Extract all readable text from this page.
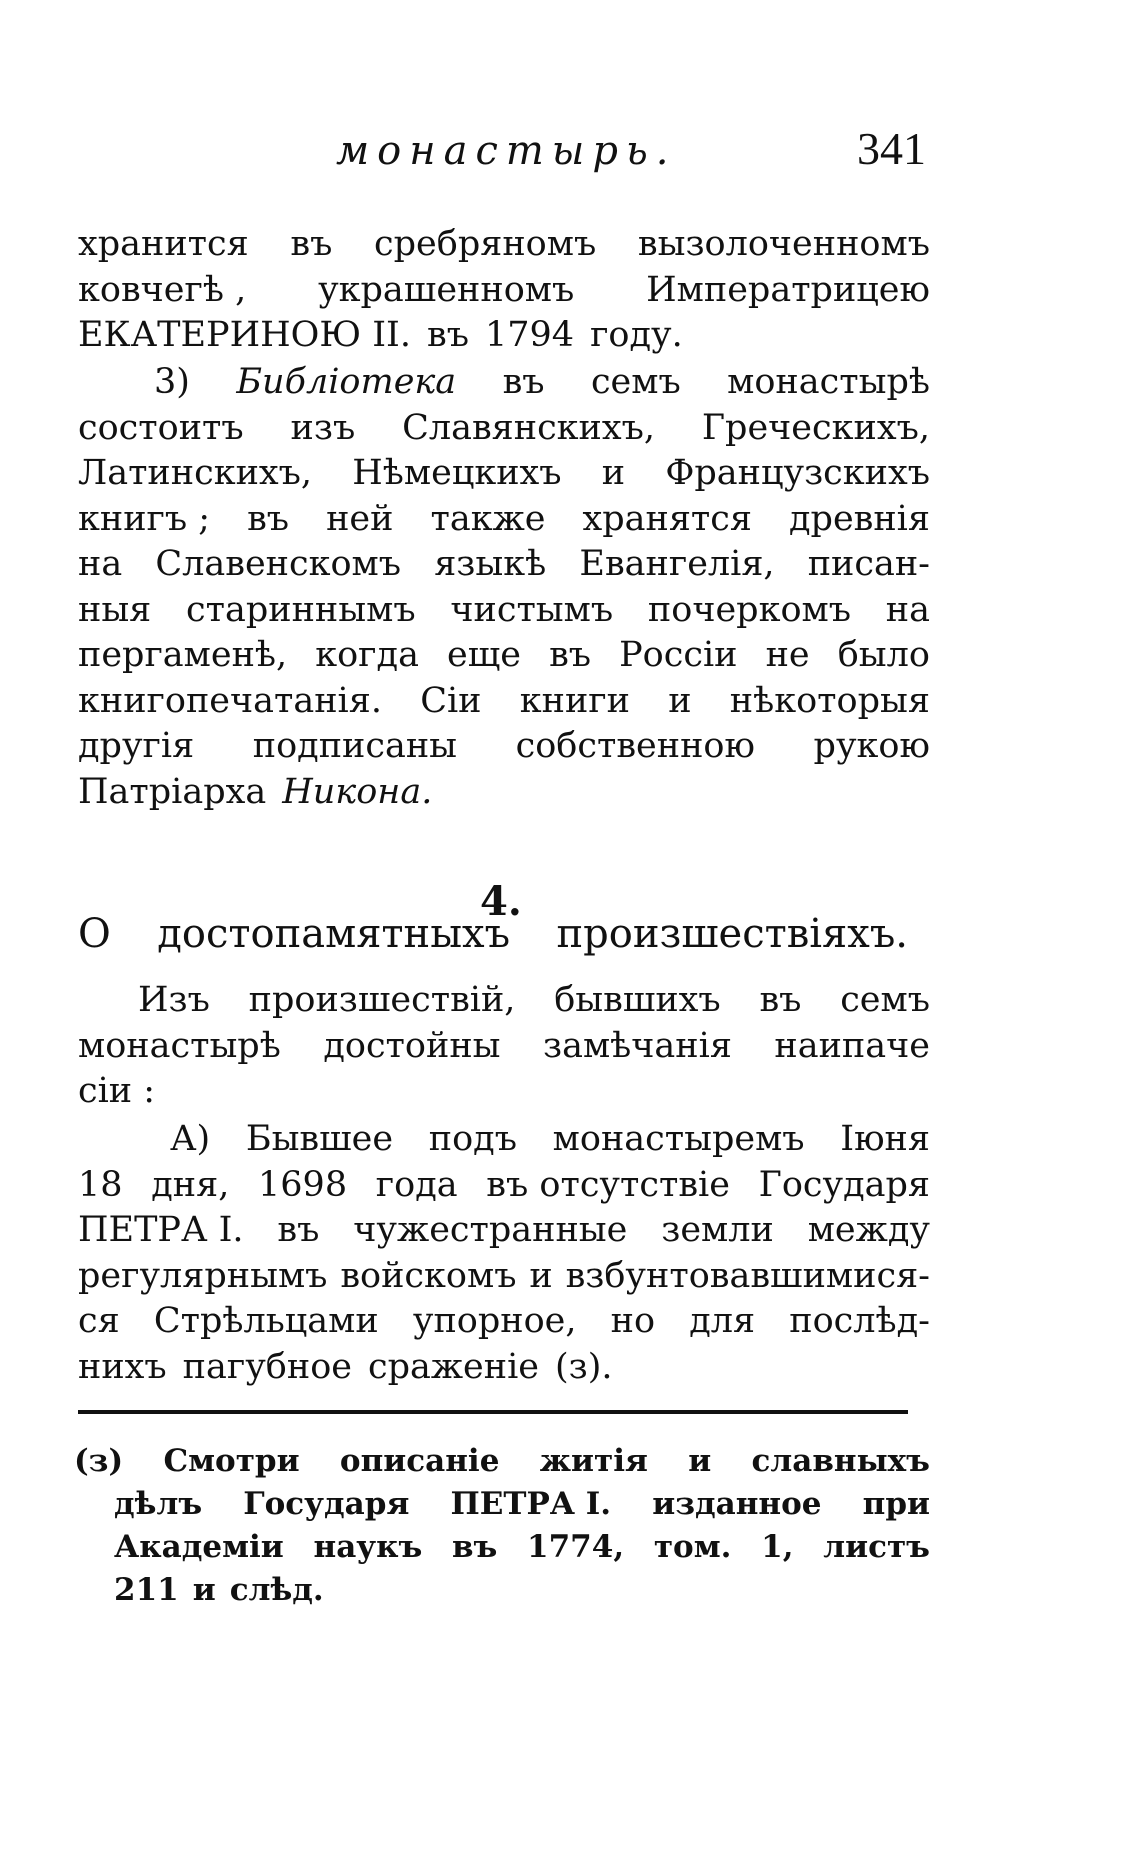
монастырь.	341
хранится въ сребряномъ вызолоченномъ
ковчегѣ , украшенномъ Императрицею
ЕКАТЕРИНОЮ II. въ 1794 году.
3) Библіотека въ семъ монастырѣ
состоитъ изъ Славянскихъ, Греческихъ,
Латинскихъ, Нѣмецкихъ и Французскихъ
книгъ ; въ ней также хранятся древнія
на Славенскомъ языкѣ Евангелія, писан-
ныя стариннымъ чистымъ почеркомъ на
пергаменѣ, когда еще въ Россіи не было
книгопечатанія. Сіи книги и нѣкоторыя
другія подписаны собственною рукою
Патріарха Никона.
4.
О достопамятныхъ произшествіяхъ.
Изъ произшествій, бывшихъ въ семъ
монастырѣ достойны замѣчанія наипаче
сіи :
А) Бывшее подъ монастыремъ Іюня
18 дня, 1698 года въ отсутствіе Государя
ПЕТРА I. въ чужестранные земли между
регулярнымъ войскомъ и взбунтовавшимися-
ся Стрѣльцами упорное, но для послѣд-
нихъ пагубное сраженіе (з).
(з) Смотри описаніе житія и славныхъ
дѣлъ Государя ПЕТРА I. изданное при
Академіи наукъ въ 1774, том. 1, листъ
211 и слѣд.
